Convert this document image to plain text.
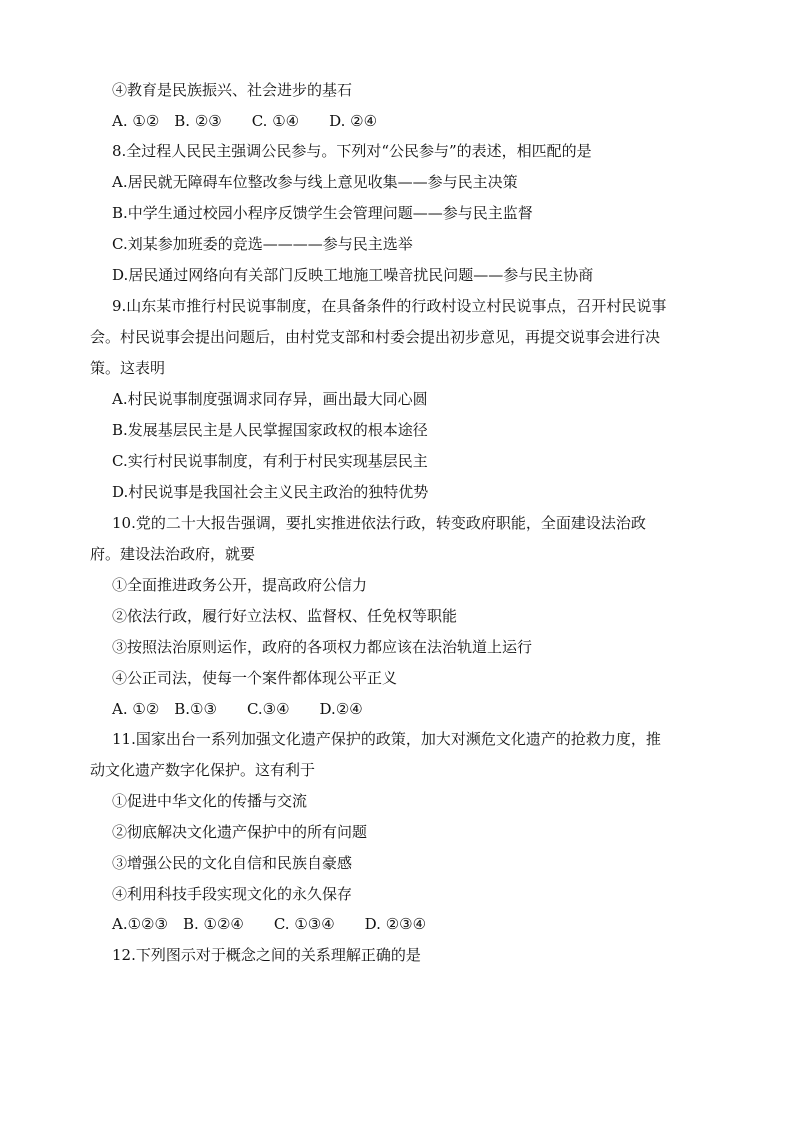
④教育是民族振兴、社会进步的基石
A. ①②　B. ②③　　C. ①④　　D. ②④
8.全过程人民民主强调公民参与。下列对“公民参与”的表述，相匹配的是
A.居民就无障碍车位整改参与线上意见收集——参与民主决策
B.中学生通过校园小程序反馈学生会管理问题——参与民主监督
C.刘某参加班委的竞选————参与民主选举
D.居民通过网络向有关部门反映工地施工噪音扰民问题——参与民主协商
9.山东某市推行村民说事制度，在具备条件的行政村设立村民说事点，召开村民说事
会。村民说事会提出问题后，由村党支部和村委会提出初步意见，再提交说事会进行决
策。这表明
A.村民说事制度强调求同存异，画出最大同心圆
B.发展基层民主是人民掌握国家政权的根本途径
C.实行村民说事制度，有利于村民实现基层民主
D.村民说事是我国社会主义民主政治的独特优势
10.党的二十大报告强调，要扎实推进依法行政，转变政府职能，全面建设法治政
府。建设法治政府，就要
①全面推进政务公开，提高政府公信力
②依法行政，履行好立法权、监督权、任免权等职能
③按照法治原则运作，政府的各项权力都应该在法治轨道上运行
④公正司法，使每一个案件都体现公平正义
A. ①②　B.①③　　C.③④　　D.②④
11.国家出台一系列加强文化遗产保护的政策，加大对濒危文化遗产的抢救力度，推
动文化遗产数字化保护。这有利于
①促进中华文化的传播与交流
②彻底解决文化遗产保护中的所有问题
③增强公民的文化自信和民族自豪感
④利用科技手段实现文化的永久保存
A.①②③　B. ①②④　　C. ①③④　　D. ②③④
12.下列图示对于概念之间的关系理解正确的是
